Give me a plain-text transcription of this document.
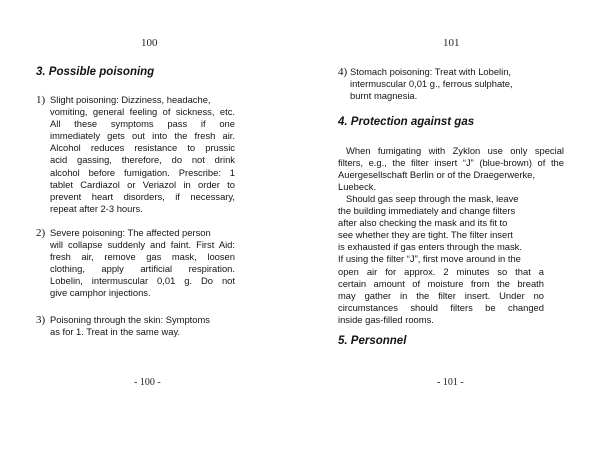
100
3. Possible poisoning
1) Slight poisoning: Dizziness, headache,
vomiting, general feeling of sickness, etc.
All these symptoms pass if one
immediately gets out into the fresh air.
Alcohol reduces resistance to prussic
acid gassing, therefore, do not drink
alcohol before fumigation. Prescribe: 1
tablet Cardiazol or Veriazol in order to
prevent heart disorders, if necessary,
repeat after 2-3 hours.
2) Severe poisoning: The affected person
will collapse suddenly and faint. First Aid:
fresh air, remove gas mask, loosen
clothing, apply artificial respiration.
Lobelin, intermuscular 0,01 g. Do not
give camphor injections.
3) Poisoning through the skin: Symptoms
as for 1. Treat in the same way.
- 100 -
101
4) Stomach poisoning: Treat with Lobelin,
intermuscular 0,01 g., ferrous sulphate,
burnt magnesia.
4. Protection against gas
When fumigating with Zyklon use only special
filters, e.g., the filter insert “J” (blue-brown) of the
Auergesellschaft Berlin or of the Draegerwerke,
Luebeck.
Should gas seep through the mask, leave
the building immediately and change filters
after also checking the mask and its fit to
see whether they are tight. The filter insert
is exhausted if gas enters through the mask.
If using the filter “J”, first move around in the
open air for approx. 2 minutes so that a
certain amount of moisture from the breath
may gather in the filter insert. Under no
circumstances should filters be changed
inside gas-filled rooms.
5. Personnel
- 101 -
